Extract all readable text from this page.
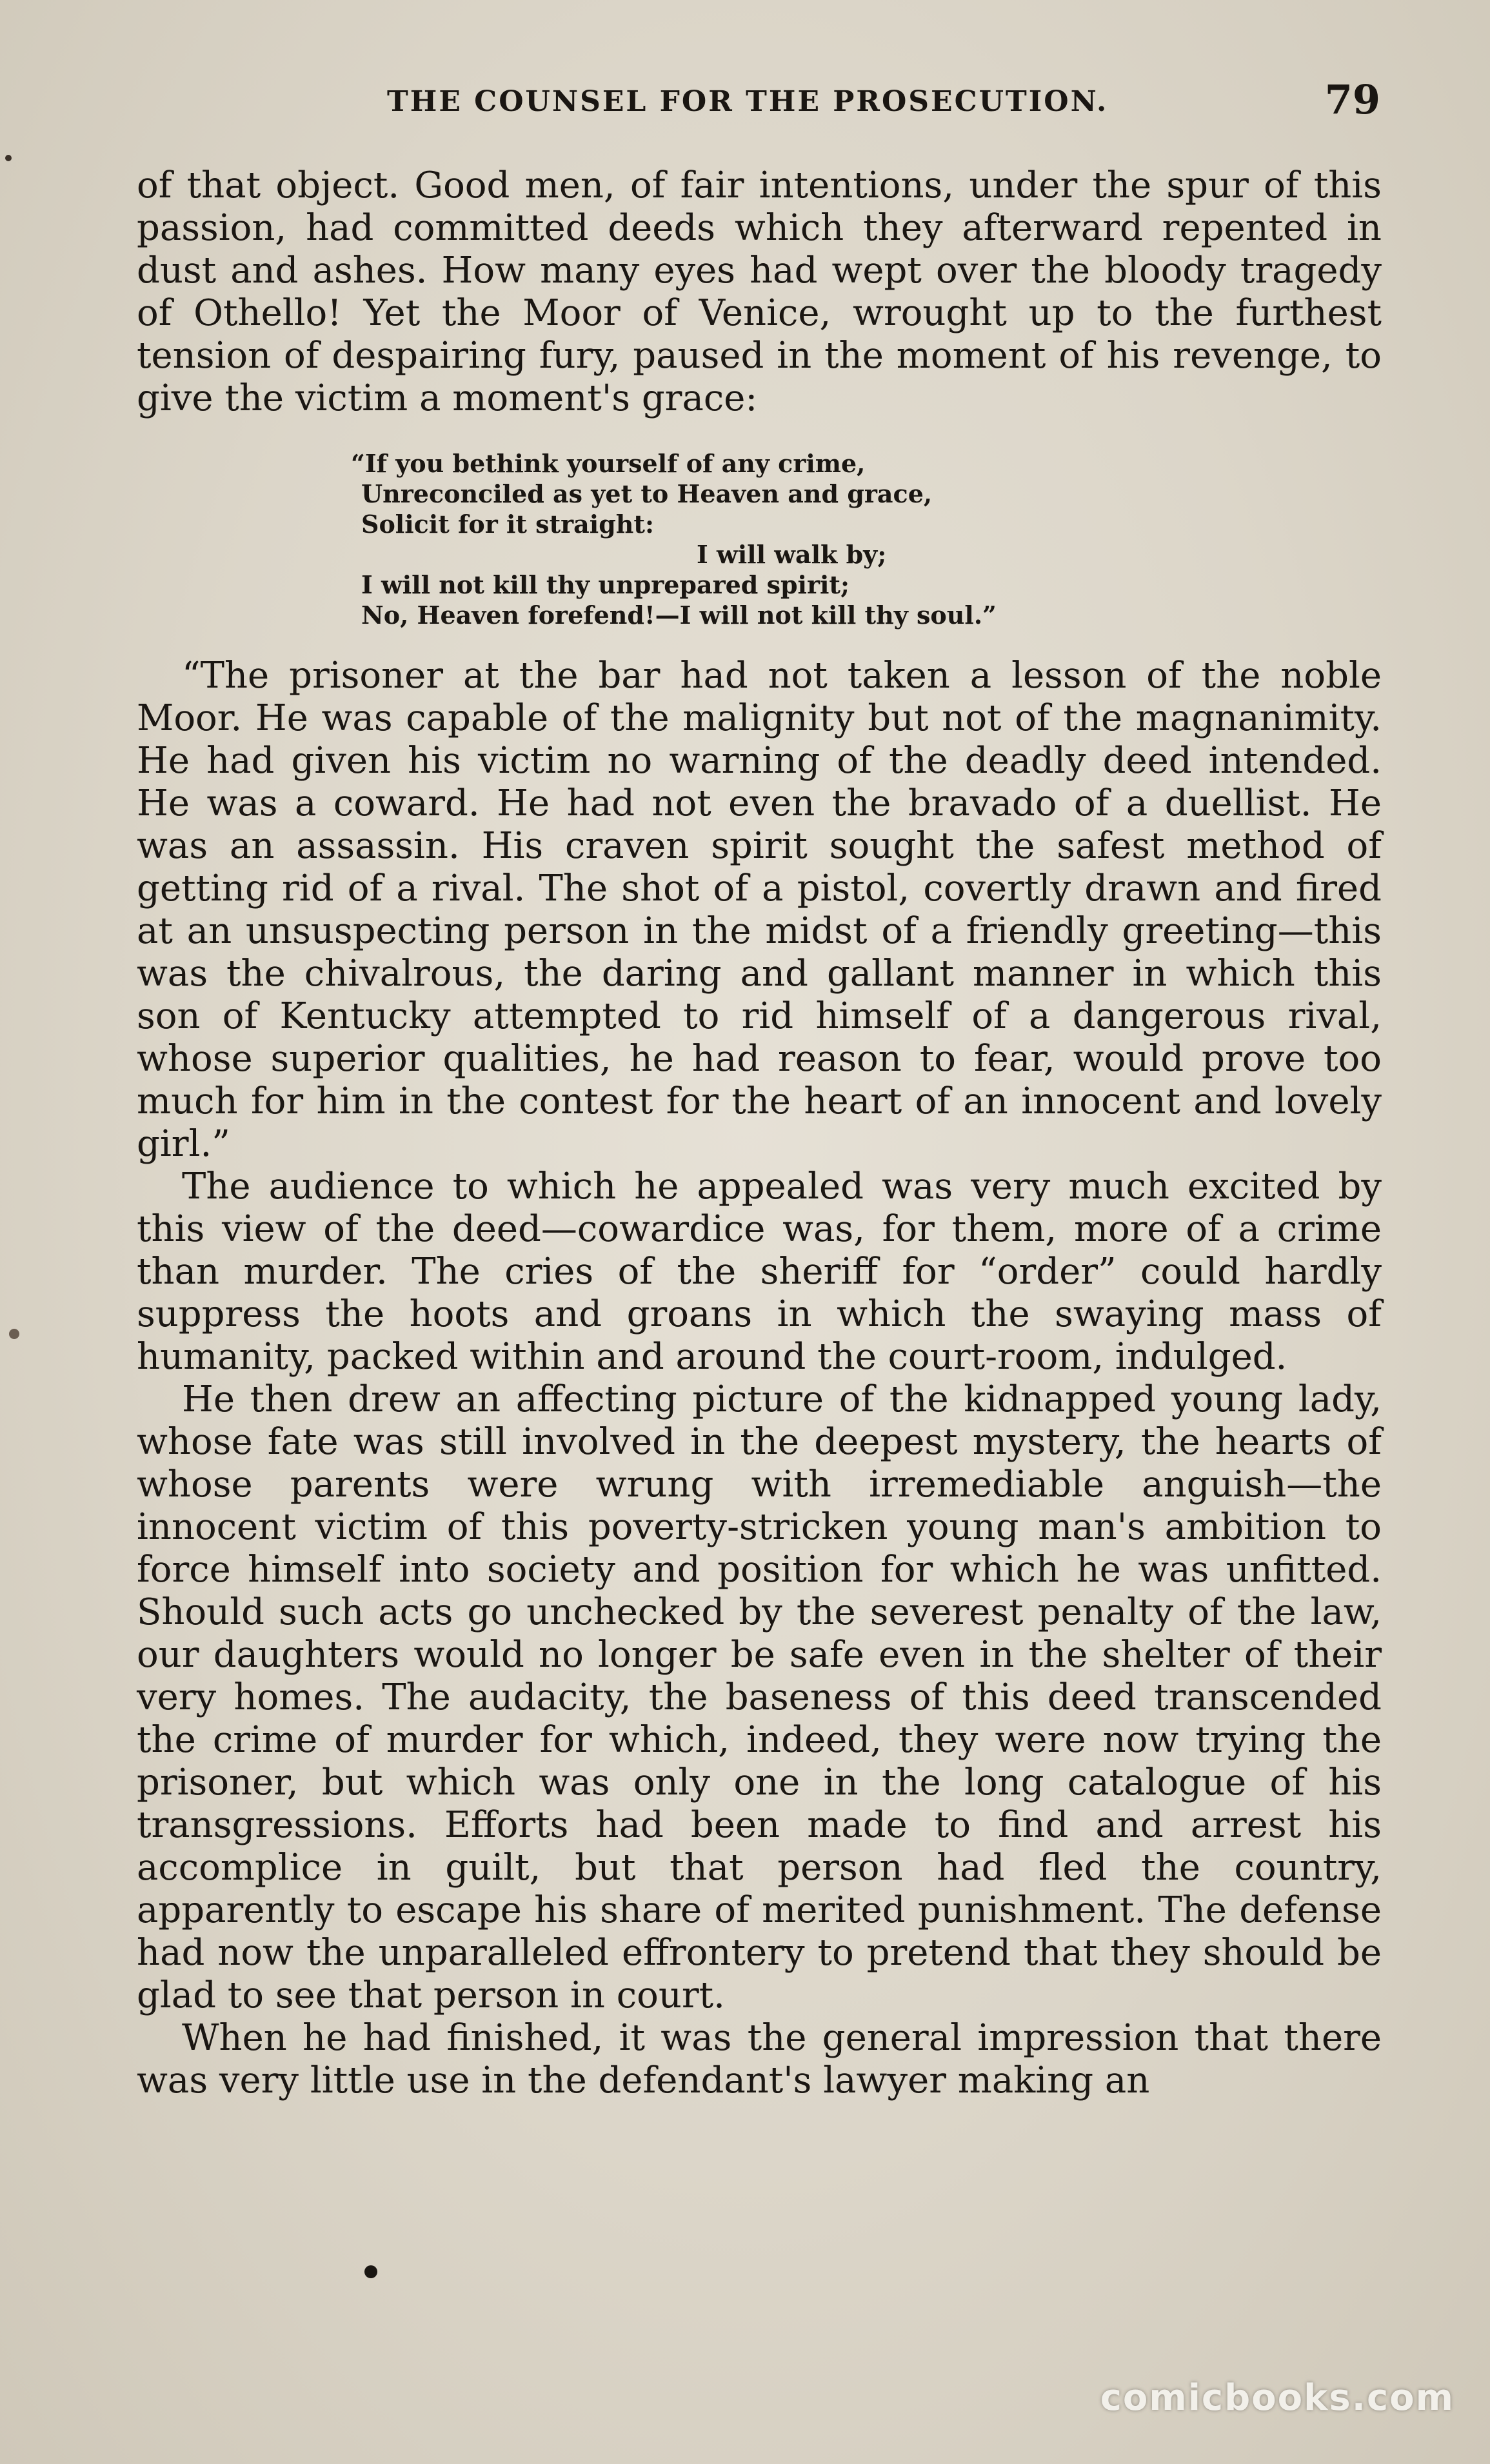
THE COUNSEL FOR THE PROSECUTION.	79

of that object. Good men, of fair intentions, under the spur of this passion, had committed deeds which they afterward repented in dust and ashes. How many eyes had wept over the bloody tragedy of Othello! Yet the Moor of Venice, wrought up to the furthest tension of despairing fury, paused in the moment of his revenge, to give the victim a moment's grace:

“If you bethink yourself of any crime,
Unreconciled as yet to Heaven and grace,
Solicit for it straight:
I will walk by;
I will not kill thy unprepared spirit;
No, Heaven forefend!—I will not kill thy soul.”

“The prisoner at the bar had not taken a lesson of the noble Moor. He was capable of the malignity but not of the magnanimity. He had given his victim no warning of the deadly deed intended. He was a coward. He had not even the bravado of a duellist. He was an assassin. His craven spirit sought the safest method of getting rid of a rival. The shot of a pistol, covertly drawn and fired at an unsuspecting person in the midst of a friendly greeting—this was the chivalrous, the daring and gallant manner in which this son of Kentucky attempted to rid himself of a dangerous rival, whose superior qualities, he had reason to fear, would prove too much for him in the contest for the heart of an innocent and lovely girl.”

The audience to which he appealed was very much excited by this view of the deed—cowardice was, for them, more of a crime than murder. The cries of the sheriff for “order” could hardly suppress the hoots and groans in which the swaying mass of humanity, packed within and around the court-room, indulged.

He then drew an affecting picture of the kidnapped young lady, whose fate was still involved in the deepest mystery, the hearts of whose parents were wrung with irremediable anguish—the innocent victim of this poverty-stricken young man's ambition to force himself into society and position for which he was unfitted. Should such acts go unchecked by the severest penalty of the law, our daughters would no longer be safe even in the shelter of their very homes. The audacity, the baseness of this deed transcended the crime of murder for which, indeed, they were now trying the prisoner, but which was only one in the long catalogue of his transgressions. Efforts had been made to find and arrest his accomplice in guilt, but that person had fled the country, apparently to escape his share of merited punishment. The defense had now the unparalleled effrontery to pretend that they should be glad to see that person in court.

When he had finished, it was the general impression that there was very little use in the defendant's lawyer making an

comicbooks.com
